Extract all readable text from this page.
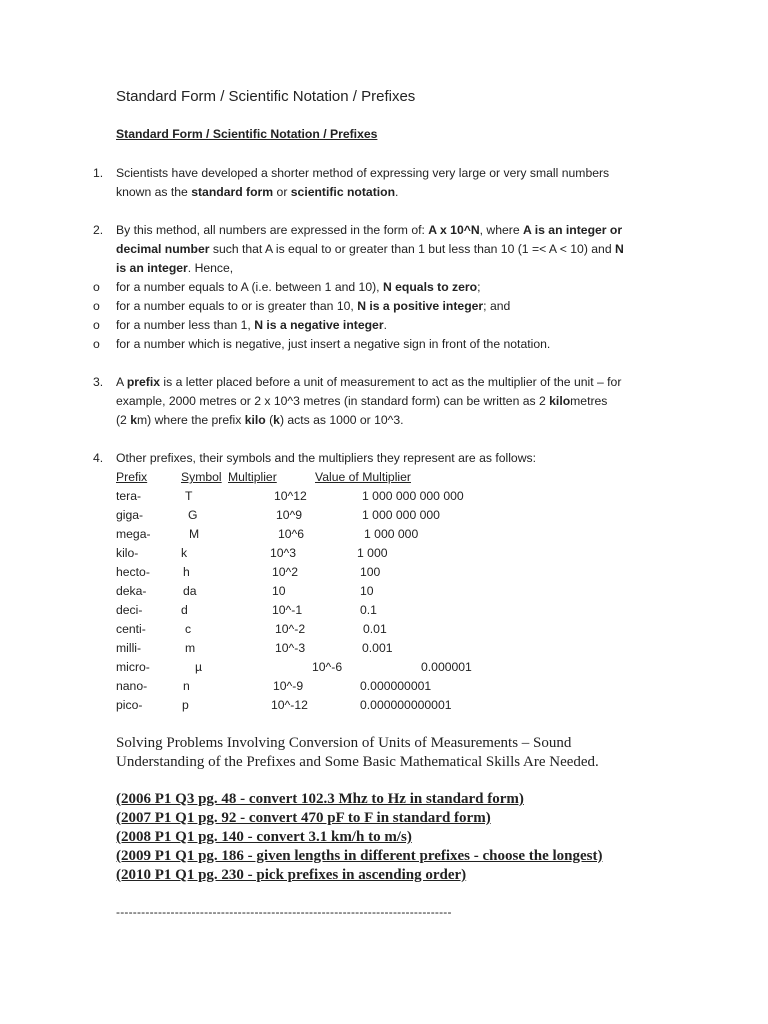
Standard Form / Scientific Notation / Prefixes
Standard Form / Scientific Notation / Prefixes
1. Scientists have developed a shorter method of expressing very large or very small numbers
known as the standard form or scientific notation.
2. By this method, all numbers are expressed in the form of: A x 10^N, where A is an integer or
decimal number such that A is equal to or greater than 1 but less than 10 (1 =< A < 10) and N
is an integer. Hence,
o for a number equals to A (i.e. between 1 and 10), N equals to zero;
o for a number equals to or is greater than 10, N is a positive integer; and
o for a number less than 1, N is a negative integer.
o for a number which is negative, just insert a negative sign in front of the notation.
3. A prefix is a letter placed before a unit of measurement to act as the multiplier of the unit – for
example, 2000 metres or 2 x 10^3 metres (in standard form) can be written as 2 kilometres
(2 km) where the prefix kilo (k) acts as 1000 or 10^3.
4. Other prefixes, their symbols and the multipliers they represent are as follows:
Prefix	Symbol Multiplier	Value of Multiplier
tera-	T	10^12	1 000 000 000 000
giga-	G	10^9	1 000 000 000
mega-	M	10^6	1 000 000
kilo-	k	10^3	1 000
hecto-	h	10^2	100
deka-	da	10	10
deci-	d	10^-1	0.1
centi-	c	10^-2	0.01
milli-	m	10^-3	0.001
micro-	µ	10^-6	0.000001
nano-	n	10^-9	0.000000001
pico-	p	10^-12	0.000000000001
Solving Problems Involving Conversion of Units of Measurements – Sound
Understanding of the Prefixes and Some Basic Mathematical Skills Are Needed.
(2006 P1 Q3 pg. 48 - convert 102.3 Mhz to Hz in standard form)
(2007 P1 Q1 pg. 92 - convert 470 pF to F in standard form)
(2008 P1 Q1 pg. 140 - convert 3.1 km/h to m/s)
(2009 P1 Q1 pg. 186 - given lengths in different prefixes - choose the longest)
(2010 P1 Q1 pg. 230 - pick prefixes in ascending order)
--------------------------------------------------------------------------------
